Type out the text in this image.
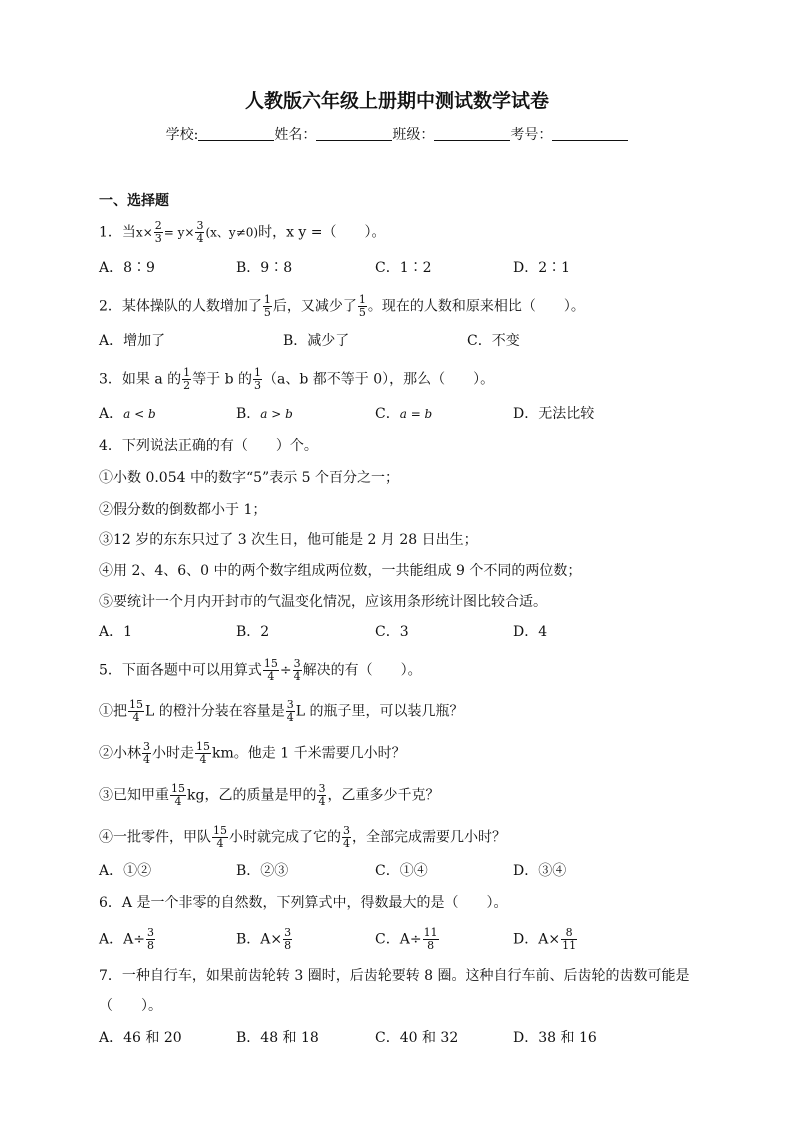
人教版六年级上册期中测试数学试卷
学校:	姓名：	班级：	考号：
一、选择题
1．当$x\times \frac{2}{3} = y\times \frac{3}{4} (x$、y≠0)时，x y =（　　）。
A．8∶9	B．9∶8	C．1∶2	D．2∶1
2．某体操队的人数增加了 $\frac{1}{5}$ 后，又减少了 $\frac{1}{5}$ 。现在的人数和原来相比（　　）。
A．增加了	B．减少了	C．不变
3．如果 a 的 $\frac{1}{2}$ 等于 b 的 $\frac{1}{3} (a$、b 都不等于 0），那么（　　）。
A．a < b	B．a > b	C．a = b	D．无法比较
4．下列说法正确的有（　　）个。
①小数 0.054 中的数字“5”表示 5 个百分之一；
②假分数的倒数都小于 1；
③12 岁的东东只过了 3 次生日，他可能是 2 月 28 日出生；
④用 2、4、6、0 中的两个数字组成两位数，一共能组成 9 个不同的两位数；
⑤要统计一个月内开封市的气温变化情况，应该用条形统计图比较合适。
A．1	B．2	C．3	D．4
5．下面各题中可以用算式 $\frac{15}{4} \div \frac{3}{4}$ 解决的有（　　）。
①把 $\frac{15}{4}$ L 的橙汁分装在容量是 $\frac{3}{4}$ L 的瓶子里，可以装几瓶？
②小林 $\frac{3}{4}$ 小时走 $\frac{15}{4}$ km。他走 1 千米需要几小时？
③已知甲重 $\frac{15}{4}$ kg，乙的质量是甲的 $\frac{3}{4}$ ，乙重多少千克？
④一批零件，甲队 $\frac{15}{4}$ 小时就完成了它的 $\frac{3}{4}$ ，全部完成需要几小时？
A．①②	B．②③	C．①④	D．③④
6．A 是一个非零的自然数，下列算式中，得数最大的是（　　）。
A．$A\div \frac{3}{8}$	B．$A\times \frac{3}{8}$	C．$A\div \frac{11}{8}$	D．$A\times \frac{8}{11}$
7．一种自行车，如果前齿轮转 3 圈时，后齿轮要转 8 圈。这种自行车前、后齿轮的齿数可能是
（　　）。
A．46 和 20	B．48 和 18	C．40 和 32	D．38 和 16
